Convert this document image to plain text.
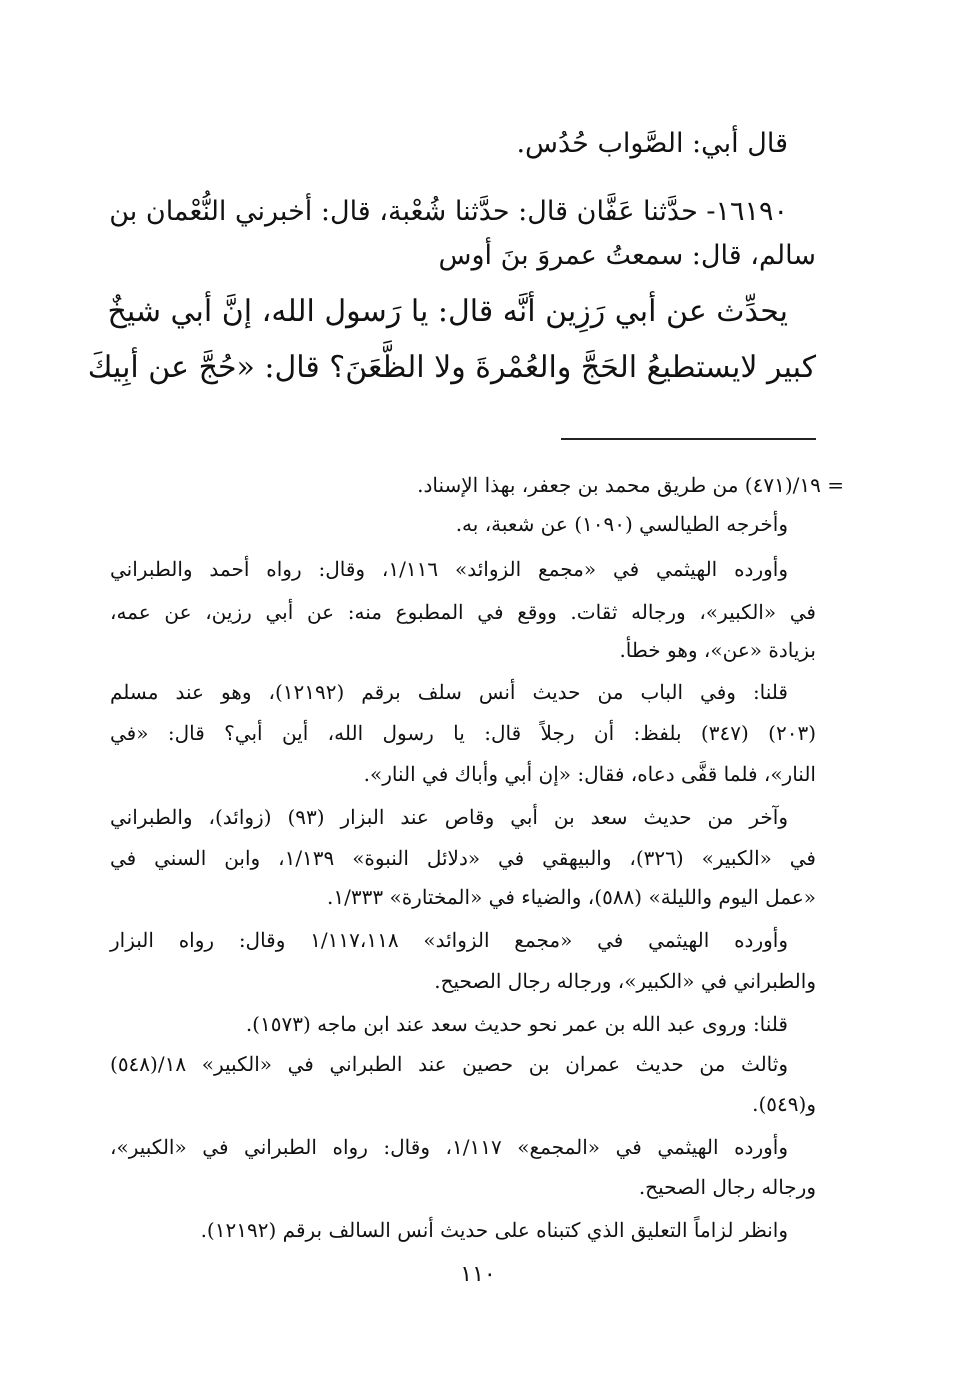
قال أبي: الصَّواب حُدُس.
١٦١٩٠- حدَّثنا عَفَّان قال: حدَّثنا شُعْبة، قال: أخبرني النُّعْمان بن
سالم، قال: سمعتُ عمروَ بنَ أوس
يحدِّث عن أبي رَزِين أنَّه قال: يا رَسول الله، إنَّ أبي شيخٌ
كبير لايستطيعُ الحَجَّ والعُمْرةَ ولا الظَّعَنَ؟ قال: «حُجَّ عن أبِيكَ
= ١٩/(٤٧١) من طريق محمد بن جعفر، بهذا الإسناد.
وأخرجه الطيالسي (١٠٩٠) عن شعبة، به.
وأورده الهيثمي في «مجمع الزوائد» ١/١١٦، وقال: رواه أحمد والطبراني
في «الكبير»، ورجاله ثقات. ووقع في المطبوع منه: عن أبي رزين، عن عمه،
بزيادة «عن»، وهو خطأ.
قلنا: وفي الباب من حديث أنس سلف برقم (١٢١٩٢)، وهو عند مسلم
(٢٠٣) (٣٤٧) بلفظ: أن رجلاً قال: يا رسول الله، أين أبي؟ قال: «في
النار»، فلما قفَّى دعاه، فقال: «إن أبي وأباك في النار».
وآخر من حديث سعد بن أبي وقاص عند البزار (٩٣) (زوائد)، والطبراني
في «الكبير» (٣٢٦)، والبيهقي في «دلائل النبوة» ١/١٣٩، وابن السني في
«عمل اليوم والليلة» (٥٨٨)، والضياء في «المختارة» ١/٣٣٣.
وأورده الهيثمي في «مجمع الزوائد» ١/١١٧،١١٨ وقال: رواه البزار
والطبراني في «الكبير»، ورجاله رجال الصحيح.
قلنا: وروى عبد الله بن عمر نحو حديث سعد عند ابن ماجه (١٥٧٣).
وثالث من حديث عمران بن حصين عند الطبراني في «الكبير» ١٨/(٥٤٨)
و(٥٤٩).
وأورده الهيثمي في «المجمع» ١/١١٧، وقال: رواه الطبراني في «الكبير»،
ورجاله رجال الصحيح.
وانظر لزاماً التعليق الذي كتبناه على حديث أنس السالف برقم (١٢١٩٢).
١١٠
